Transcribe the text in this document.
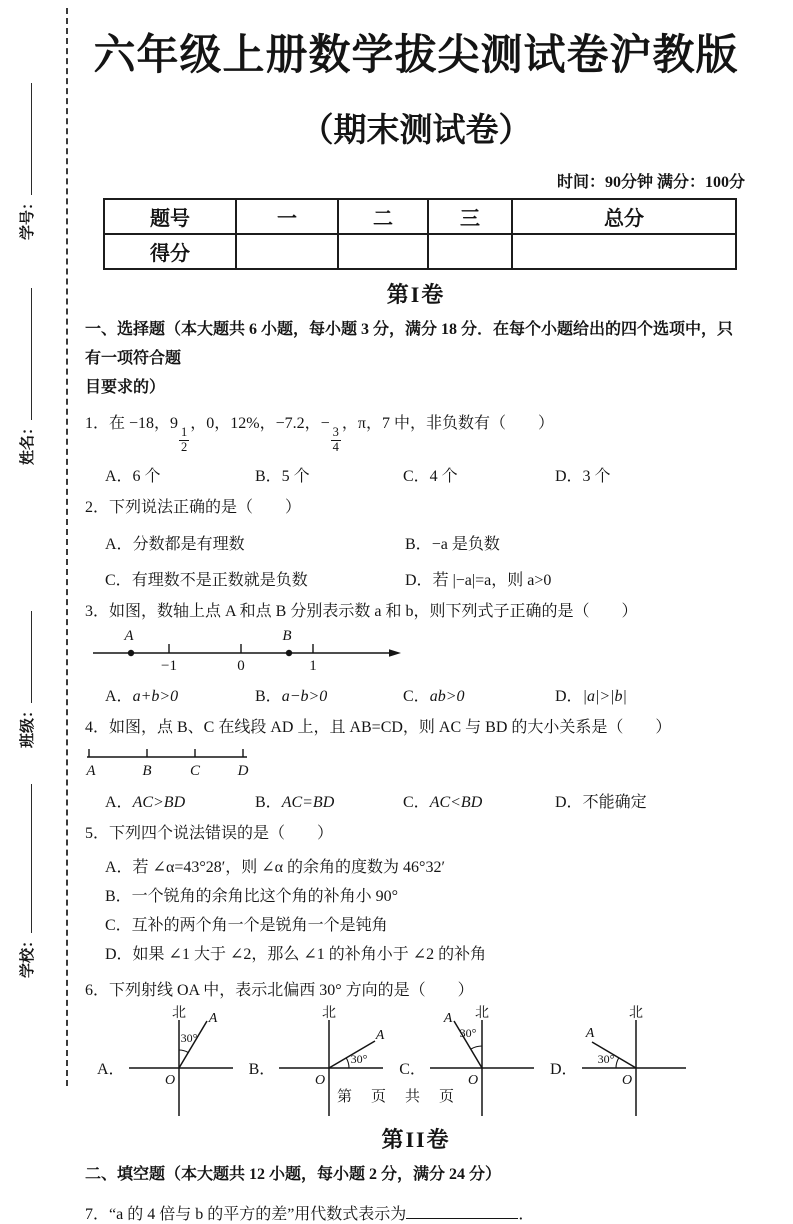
学号：
姓名：
班级：
学校：
六年级上册数学拔尖测试卷沪教版
（期末测试卷）
时间：90分钟 满分：100分
题号	一	二	三	总分
得分				
第I卷
一、选择题（本大题共 6 小题，每小题 3 分，满分 18 分．在每个小题给出的四个选项中，只有一项符合题
目要求的）
1．在 −18，9
$\frac{1}{2}$
，0，12%，−7.2，−
$\frac{3}{4}$
，π，7 中，非负数有（　　）
A．6 个	B．5 个	C．4 个	D．3 个
2．下列说法正确的是（　　）
A．分数都是有理数	B．−a 是负数
C．有理数不是正数就是负数	D．若 |−a|=a，则 a>0
3．如图，数轴上点 A 和点 B 分别表示数 a 和 b，则下列式子正确的是（　　）
A	B
−1	0	1
A．a+b>0	B．a−b>0	C．ab>0	D．|a|>|b|
4．如图，点 B、C 在线段 AD 上，且 AB=CD，则 AC 与 BD 的大小关系是（　　）
A	B	C	D
A．AC>BD	B．AC=BD	C．AC<BD	D．不能确定
5．下列四个说法错误的是（　　）
A．若 ∠α=43°28′，则 ∠α 的余角的度数为 46°32′
B．一个锐角的余角比这个角的补角小 90°
C．互补的两个角一个是锐角一个是钝角
D．如果 ∠1 大于 ∠2，那么 ∠1 的补角小于 ∠2 的补角
6．下列射线 OA 中，表示北偏西 30° 方向的是（　　）
A．
北 A
30°
O
B．
北
A
30°
O
C．
北
A
30°
O
D．
北
A
30°
O
第II卷
二、填空题（本大题共 12 小题，每小题 2 分，满分 24 分）
7．“a 的 4 倍与 b 的平方的差”用代数式表示为	．
第　页　共　页
